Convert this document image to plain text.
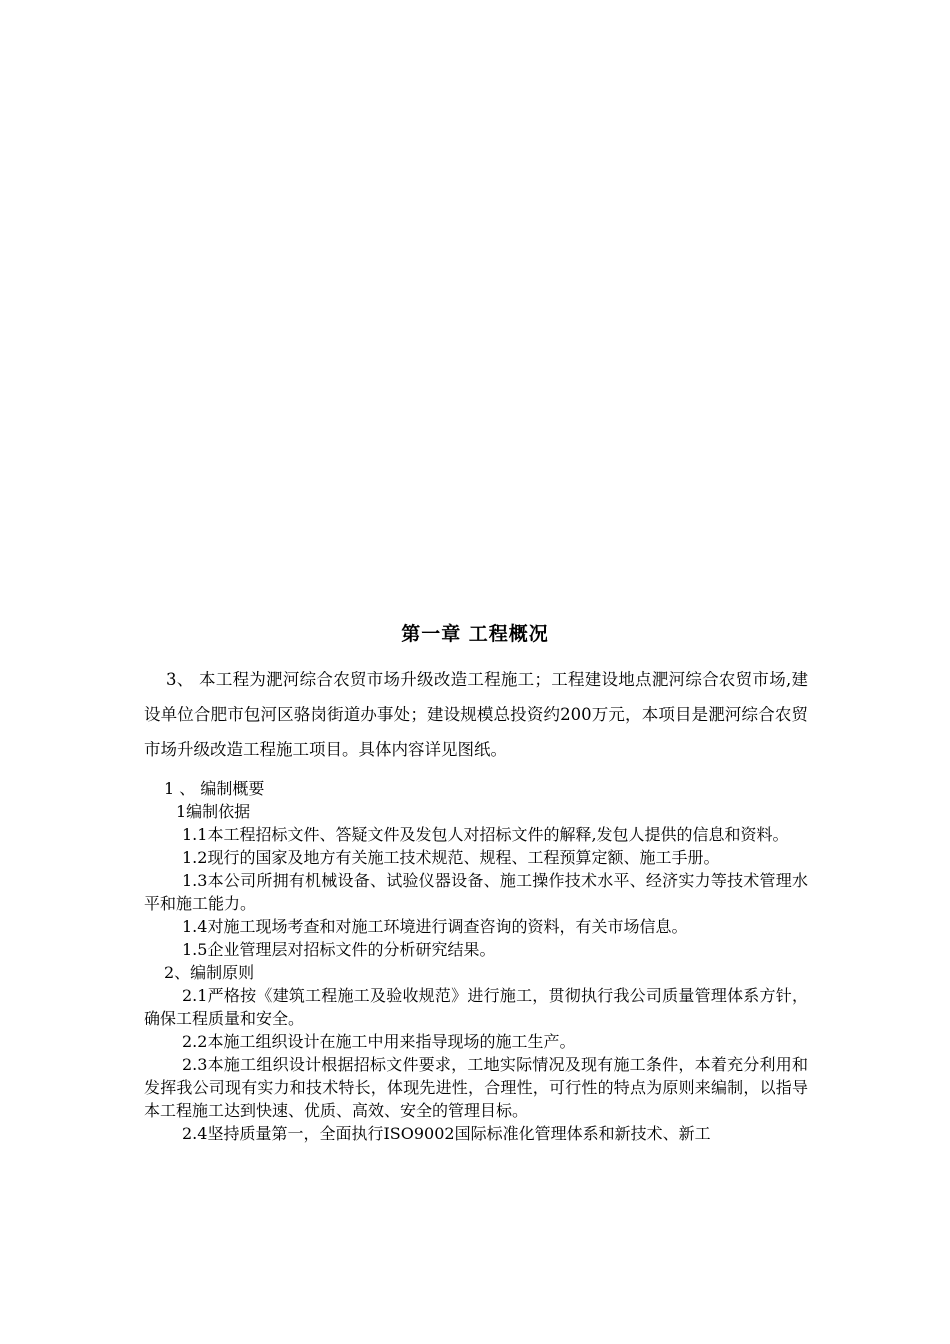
第一章 工程概况

3、 本工程为淝河综合农贸市场升级改造工程施工；工程建设地点淝河综合农贸市场,建设单位合肥市包河区骆岗街道办事处；建设规模总投资约200万元，本项目是淝河综合农贸市场升级改造工程施工项目。具体内容详见图纸。

1 、 编制概要

1编制依据

1.1本工程招标文件、答疑文件及发包人对招标文件的解释,发包人提供的信息和资料。

1.2现行的国家及地方有关施工技术规范、规程、工程预算定额、施工手册。

1.3本公司所拥有机械设备、试验仪器设备、施工操作技术水平、经济实力等技术管理水平和施工能力。

1.4对施工现场考查和对施工环境进行调查咨询的资料，有关市场信息。

1.5企业管理层对招标文件的分析研究结果。

2、编制原则

2.1严格按《建筑工程施工及验收规范》进行施工，贯彻执行我公司质量管理体系方针，确保工程质量和安全。

2.2本施工组织设计在施工中用来指导现场的施工生产。

2.3本施工组织设计根据招标文件要求，工地实际情况及现有施工条件，本着充分利用和发挥我公司现有实力和技术特长，体现先进性，合理性，可行性的特点为原则来编制，以指导本工程施工达到快速、优质、高效、安全的管理目标。

2.4坚持质量第一，全面执行ISO9002国际标准化管理体系和新技术、新工
